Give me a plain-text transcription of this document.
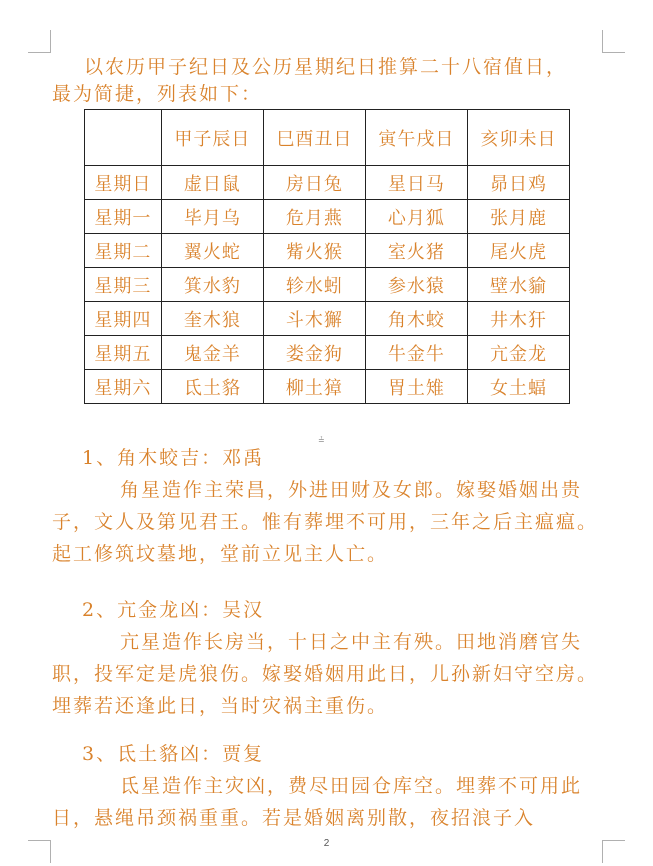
以农历甲子纪日及公历星期纪日推算二十八宿值日，
最为简捷，列表如下：
	甲子辰日	巳酉丑日	寅午戌日	亥卯未日
星期日	虚日鼠	房日兔	星日马	昴日鸡
星期一	毕月乌	危月燕	心月狐	张月鹿
星期二	翼火蛇	觜火猴	室火猪	尾火虎
星期三	箕水豹	轸水蚓	参水猿	壁水貐
星期四	奎木狼	斗木獬	角木蛟	井木犴
星期五	鬼金羊	娄金狗	牛金牛	亢金龙
星期六	氐土貉	柳土獐	胃土雉	女土蝠
≟
1、角木蛟吉：邓禹
角星造作主荣昌，外进田财及女郎。嫁娶婚姻出贵子，文人及第见君王。惟有葬埋不可用，三年之后主瘟瘟。起工修筑坟墓地，堂前立见主人亡。
2、亢金龙凶：吴汉
亢星造作长房当，十日之中主有殃。田地消磨官失职，投军定是虎狼伤。嫁娶婚姻用此日，儿孙新妇守空房。埋葬若还逢此日，当时灾祸主重伤。
3、氐土貉凶：贾复
氐星造作主灾凶，费尽田园仓库空。埋葬不可用此日，悬绳吊颈祸重重。若是婚姻离别散，夜招浪子入
2
